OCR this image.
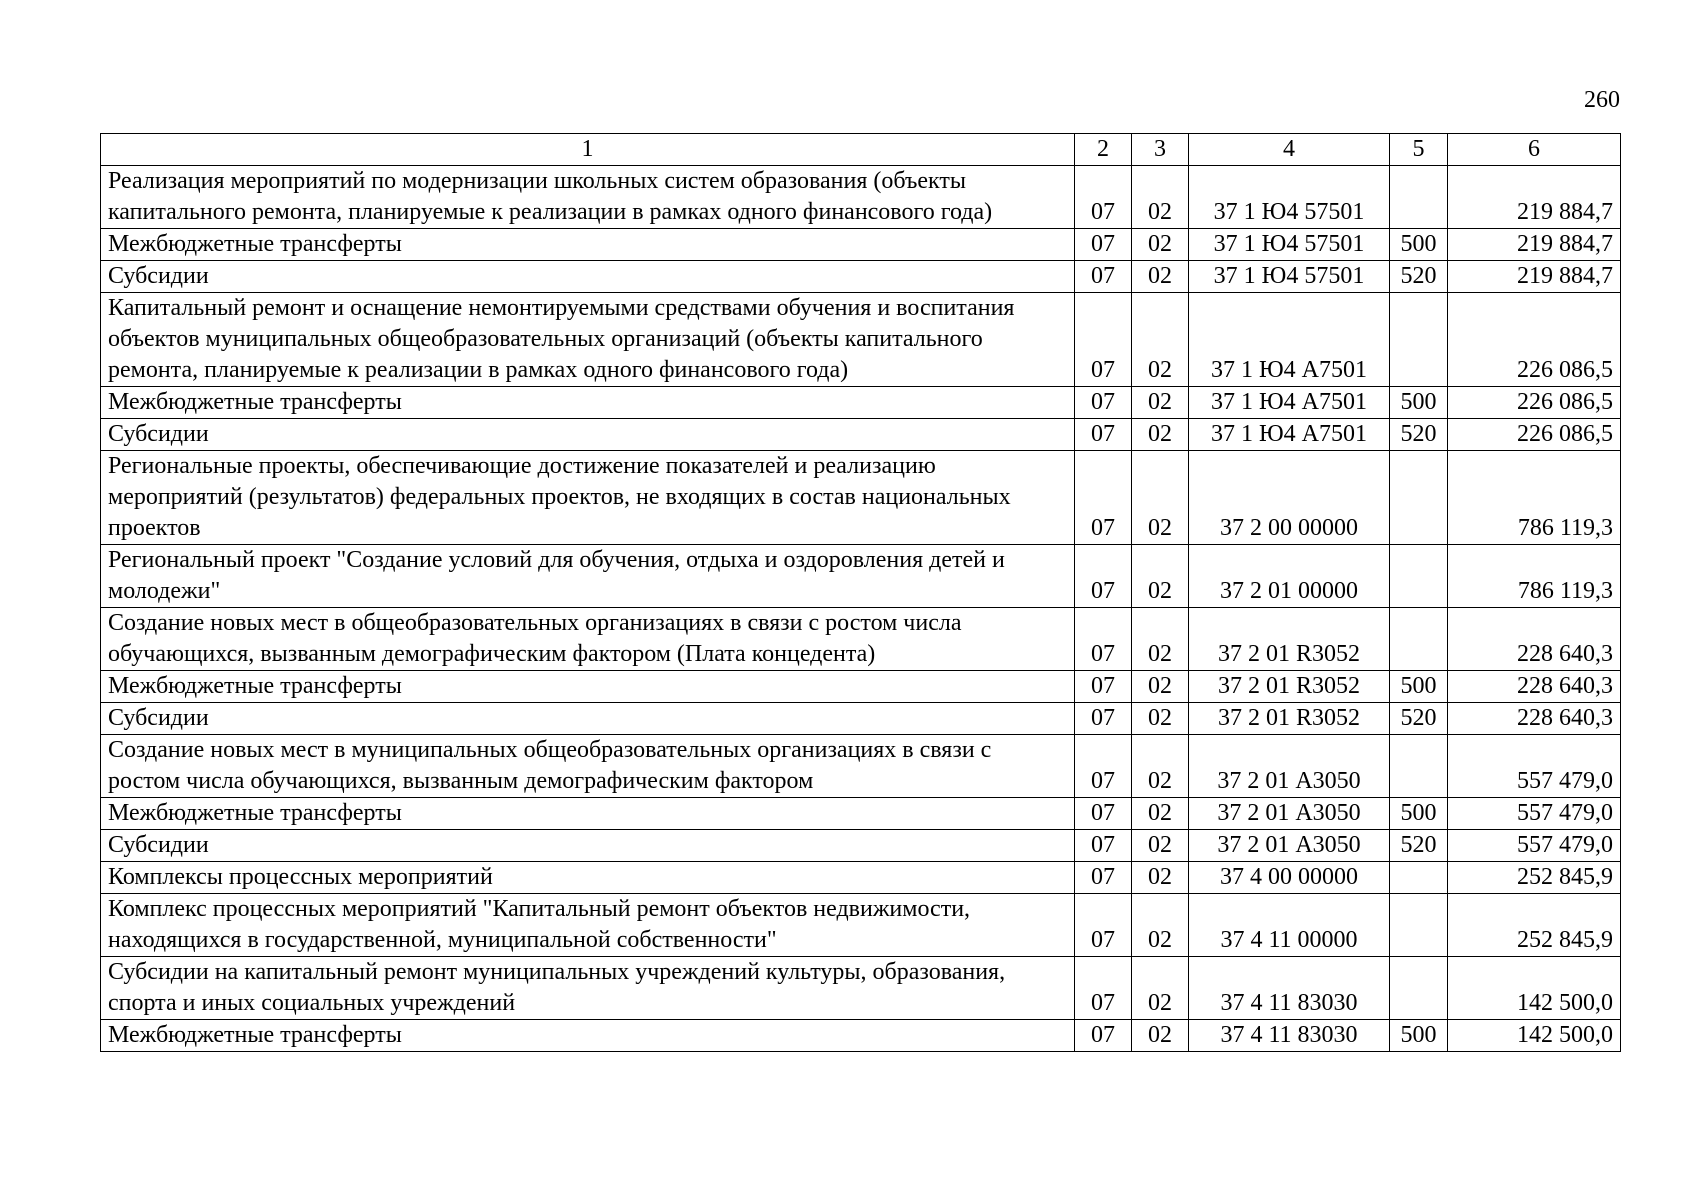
260
1	2	3	4	5	6
Реализация мероприятий по модернизации школьных систем образования (объекты капитального ремонта, планируемые к реализации в рамках одного финансового года)	07	02	37 1 Ю4 57501		219 884,7
Межбюджетные трансферты	07	02	37 1 Ю4 57501	500	219 884,7
Субсидии	07	02	37 1 Ю4 57501	520	219 884,7
Капитальный ремонт и оснащение немонтируемыми средствами обучения и воспитания объектов муниципальных общеобразовательных организаций (объекты капитального ремонта, планируемые к реализации в рамках одного финансового года)	07	02	37 1 Ю4 А7501		226 086,5
Межбюджетные трансферты	07	02	37 1 Ю4 А7501	500	226 086,5
Субсидии	07	02	37 1 Ю4 А7501	520	226 086,5
Региональные проекты, обеспечивающие достижение показателей и реализацию мероприятий (результатов) федеральных проектов, не входящих в состав национальных проектов	07	02	37 2 00 00000		786 119,3
Региональный проект "Создание условий для обучения, отдыха и оздоровления детей и молодежи"	07	02	37 2 01 00000		786 119,3
Создание новых мест в общеобразовательных организациях в связи с ростом числа обучающихся, вызванным демографическим фактором (Плата концедента)	07	02	37 2 01 R3052		228 640,3
Межбюджетные трансферты	07	02	37 2 01 R3052	500	228 640,3
Субсидии	07	02	37 2 01 R3052	520	228 640,3
Создание новых мест в муниципальных общеобразовательных организациях в связи с ростом числа обучающихся, вызванным демографическим фактором	07	02	37 2 01 А3050		557 479,0
Межбюджетные трансферты	07	02	37 2 01 А3050	500	557 479,0
Субсидии	07	02	37 2 01 А3050	520	557 479,0
Комплексы процессных мероприятий	07	02	37 4 00 00000		252 845,9
Комплекс процессных мероприятий "Капитальный ремонт объектов недвижимости, находящихся в государственной, муниципальной собственности"	07	02	37 4 11 00000		252 845,9
Субсидии на капитальный ремонт муниципальных учреждений культуры, образования, спорта и иных социальных учреждений	07	02	37 4 11 83030		142 500,0
Межбюджетные трансферты	07	02	37 4 11 83030	500	142 500,0
